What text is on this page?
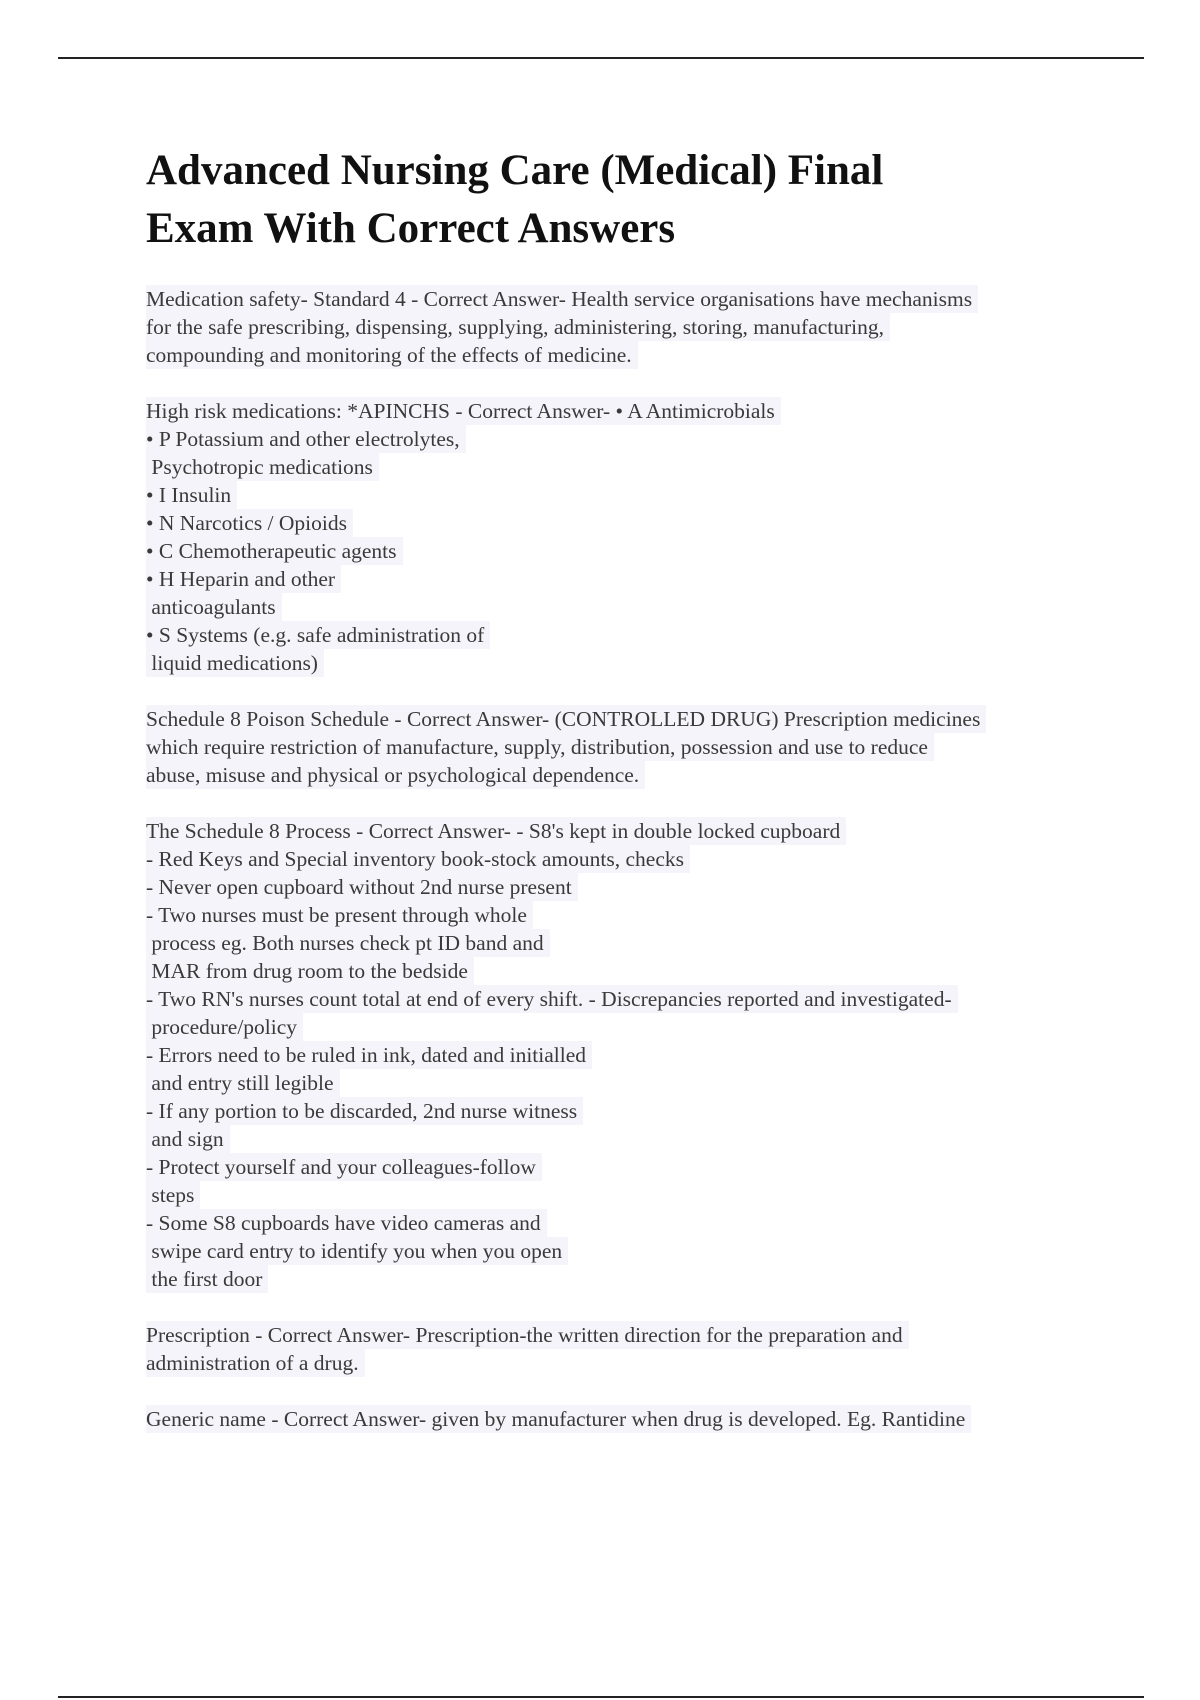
Advanced Nursing Care (Medical) Final
Exam With Correct Answers
Medication safety- Standard 4 - Correct Answer- Health service organisations have mechanisms
for the safe prescribing, dispensing, supplying, administering, storing, manufacturing,
compounding and monitoring of the effects of medicine.
High risk medications: *APINCHS - Correct Answer- • A Antimicrobials
• P Potassium and other electrolytes,
Psychotropic medications
• I Insulin
• N Narcotics / Opioids
• C Chemotherapeutic agents
• H Heparin and other
anticoagulants
• S Systems (e.g. safe administration of
liquid medications)
Schedule 8 Poison Schedule - Correct Answer- (CONTROLLED DRUG) Prescription medicines
which require restriction of manufacture, supply, distribution, possession and use to reduce
abuse, misuse and physical or psychological dependence.
The Schedule 8 Process - Correct Answer- - S8's kept in double locked cupboard
- Red Keys and Special inventory book-stock amounts, checks
- Never open cupboard without 2nd nurse present
- Two nurses must be present through whole
process eg. Both nurses check pt ID band and
MAR from drug room to the bedside
- Two RN's nurses count total at end of every shift. - Discrepancies reported and investigated-
procedure/policy
- Errors need to be ruled in ink, dated and initialled
and entry still legible
- If any portion to be discarded, 2nd nurse witness
and sign
- Protect yourself and your colleagues-follow
steps
- Some S8 cupboards have video cameras and
swipe card entry to identify you when you open
the first door
Prescription - Correct Answer- Prescription-the written direction for the preparation and
administration of a drug.
Generic name - Correct Answer- given by manufacturer when drug is developed. Eg. Rantidine
